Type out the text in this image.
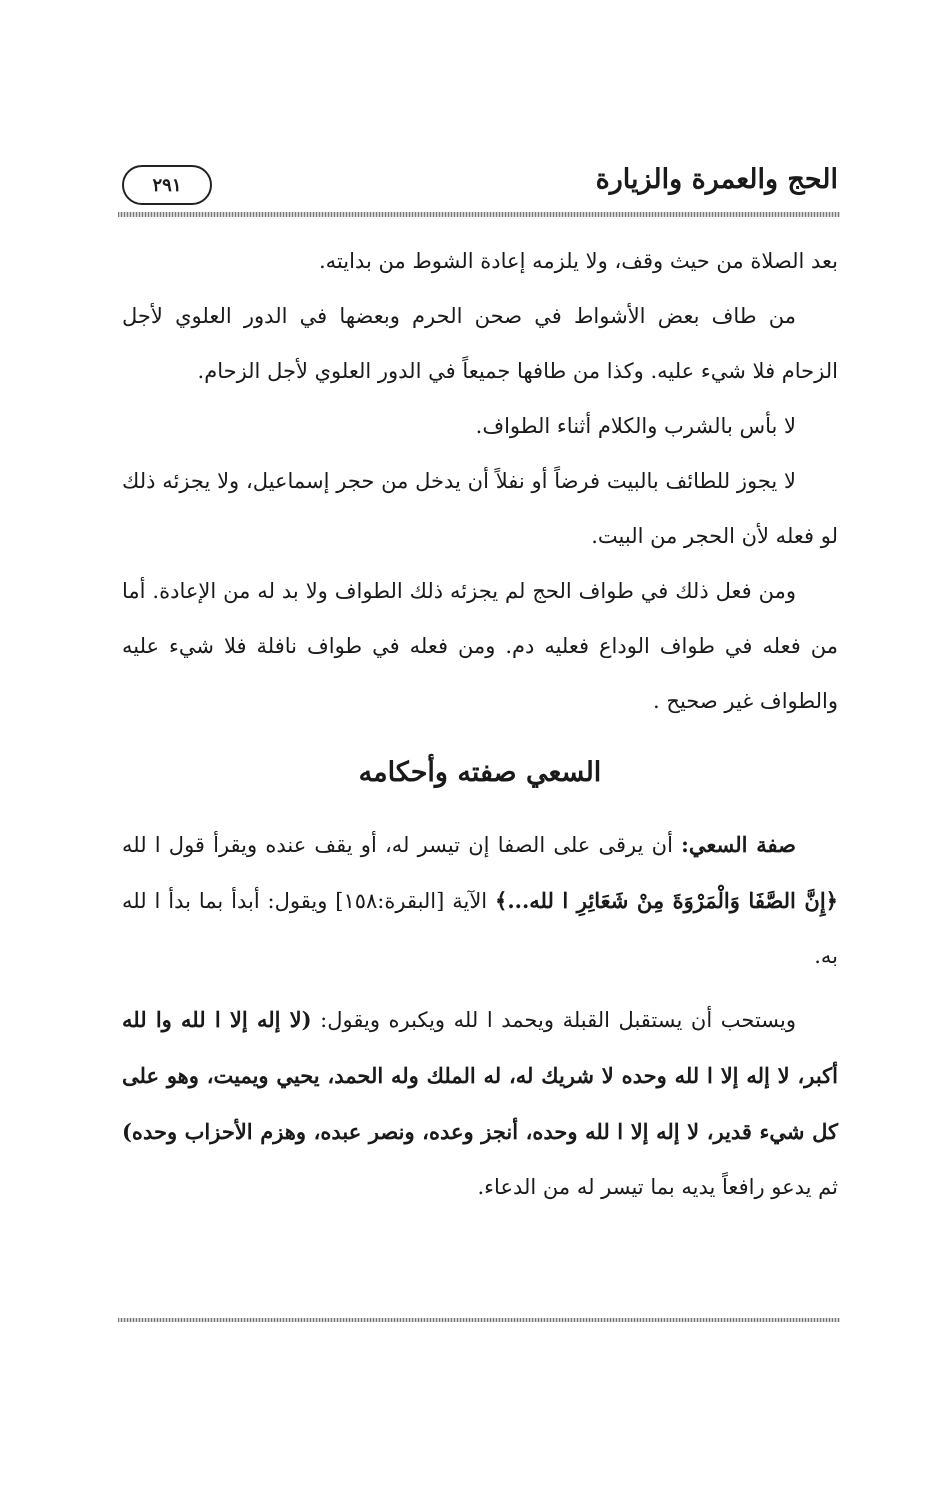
الحج والعمرة والزيارة
٢٩١

بعد الصلاة من حيث وقف، ولا يلزمه إعادة الشوط من بدايته.

من طاف بعض الأشواط في صحن الحرم وبعضها في الدور العلوي لأجل الزحام فلا شيء عليه. وكذا من طافها جميعاً في الدور العلوي لأجل الزحام.

لا بأس بالشرب والكلام أثناء الطواف.

لا يجوز للطائف بالبيت فرضاً أو نفلاً أن يدخل من حجر إسماعيل، ولا يجزئه ذلك لو فعله لأن الحجر من البيت.

ومن فعل ذلك في طواف الحج لم يجزئه ذلك الطواف ولا بد له من الإعادة. أما من فعله في طواف الوداع فعليه دم. ومن فعله في طواف نافلة فلا شيء عليه والطواف غير صحيح .

السعي صفته وأحكامه

صفة السعي: أن يرقى على الصفا إن تيسر له، أو يقف عنده ويقرأ قول ا لله ﴿إِنَّ الصَّفَا وَالْمَرْوَةَ مِنْ شَعَائِرِ ا لله...﴾ الآية [البقرة:١٥٨] ويقول: أبدأ بما بدأ ا لله به.

ويستحب أن يستقبل القبلة ويحمد ا لله ويكبره ويقول: (لا إله إلا ا لله وا لله أكبر، لا إله إلا ا لله وحده لا شريك له، له الملك وله الحمد، يحيي ويميت، وهو على كل شيء قدير، لا إله إلا ا لله وحده، أنجز وعده، ونصر عبده، وهزم الأحزاب وحده) ثم يدعو رافعاً يديه بما تيسر له من الدعاء.
